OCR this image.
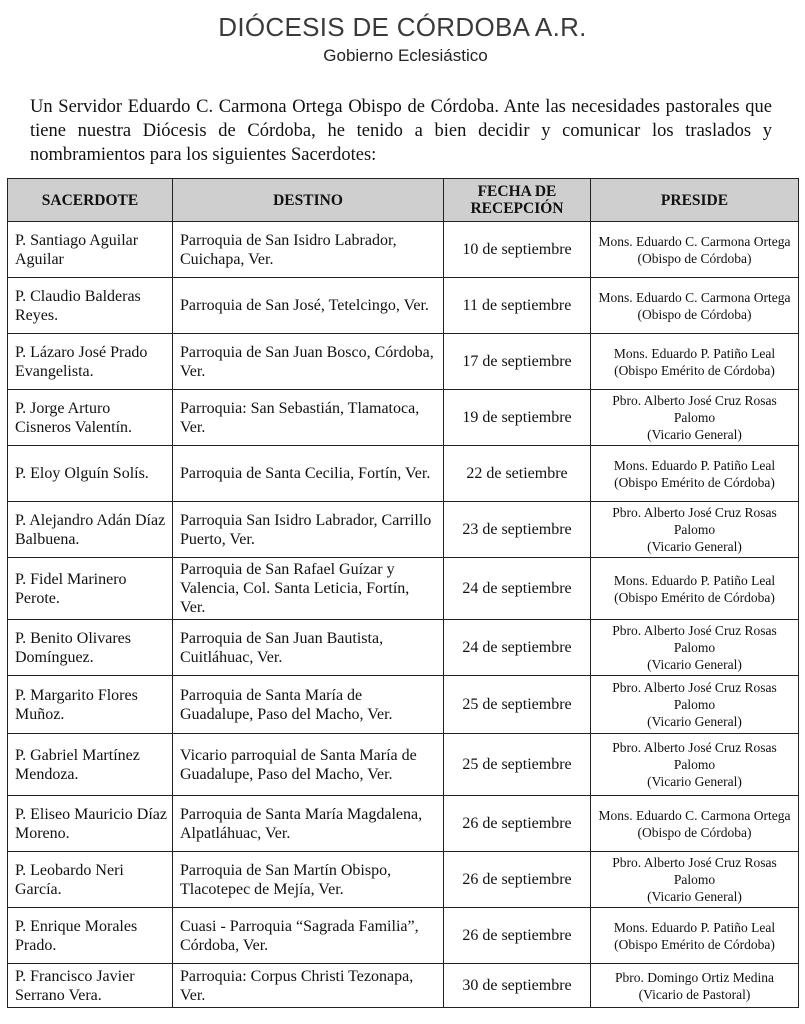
DIÓCESIS DE CÓRDOBA A.R.
Gobierno Eclesiástico

Un Servidor Eduardo C. Carmona Ortega Obispo de Córdoba. Ante las necesidades pastorales que tiene nuestra Diócesis de Córdoba, he tenido a bien decidir y comunicar los traslados y nombramientos para los siguientes Sacerdotes:

SACERDOTE	DESTINO	FECHA DE RECEPCIÓN	PRESIDE
P. Santiago Aguilar Aguilar	Parroquia de San Isidro Labrador, Cuichapa, Ver.	10 de septiembre	Mons. Eduardo C. Carmona Ortega
(Obispo de Córdoba)

P. Claudio Balderas Reyes.	Parroquia de San José, Tetelcingo, Ver.	11 de septiembre	Mons. Eduardo C. Carmona Ortega
(Obispo de Córdoba)

P. Lázaro José Prado Evangelista.	Parroquia de San Juan Bosco, Córdoba, Ver.	17 de septiembre	Mons. Eduardo P. Patiño Leal (Obispo Emérito de Córdoba)

P. Jorge Arturo Cisneros Valentín.	Parroquia: San Sebastián, Tlamatoca, Ver.	19 de septiembre	Pbro. Alberto José Cruz Rosas Palomo
(Vicario General)

P. Eloy Olguín Solís.	Parroquia de Santa Cecilia, Fortín, Ver.	22 de setiembre	Mons. Eduardo P. Patiño Leal (Obispo Emérito de Córdoba)

P. Alejandro Adán Díaz Balbuena.	Parroquia San Isidro Labrador, Carrillo Puerto, Ver.	23 de septiembre	Pbro. Alberto José Cruz Rosas Palomo
(Vicario General)

P. Fidel Marinero Perote.	Parroquia de San Rafael Guízar y Valencia, Col. Santa Leticia, Fortín, Ver.	24 de septiembre	Mons. Eduardo P. Patiño Leal (Obispo Emérito de Córdoba)

P. Benito Olivares Domínguez.	Parroquia de San Juan Bautista, Cuitláhuac, Ver.	24 de septiembre	Pbro. Alberto José Cruz Rosas Palomo
(Vicario General)

P. Margarito Flores Muñoz.	Parroquia de Santa María de Guadalupe, Paso del Macho, Ver.	25 de septiembre	Pbro. Alberto José Cruz Rosas Palomo
(Vicario General)

P. Gabriel Martínez Mendoza.	Vicario parroquial de Santa María de Guadalupe, Paso del Macho, Ver.	25 de septiembre	Pbro. Alberto José Cruz Rosas Palomo
(Vicario General)

P. Eliseo Mauricio Díaz Moreno.	Parroquia de Santa María Magdalena, Alpatláhuac, Ver.	26 de septiembre	Mons. Eduardo C. Carmona Ortega
(Obispo de Córdoba)

P. Leobardo Neri García.	Parroquia de San Martín Obispo, Tlacotepec de Mejía, Ver.	26 de septiembre	Pbro. Alberto José Cruz Rosas Palomo
(Vicario General)

P. Enrique Morales Prado.	Cuasi - Parroquia “Sagrada Familia”, Córdoba, Ver.	26 de septiembre	Mons. Eduardo P. Patiño Leal (Obispo Emérito de Córdoba)

P. Francisco Javier Serrano Vera.	Parroquia: Corpus Christi Tezonapa, Ver.	30 de septiembre	Pbro. Domingo Ortiz Medina
(Vicario de Pastoral)
